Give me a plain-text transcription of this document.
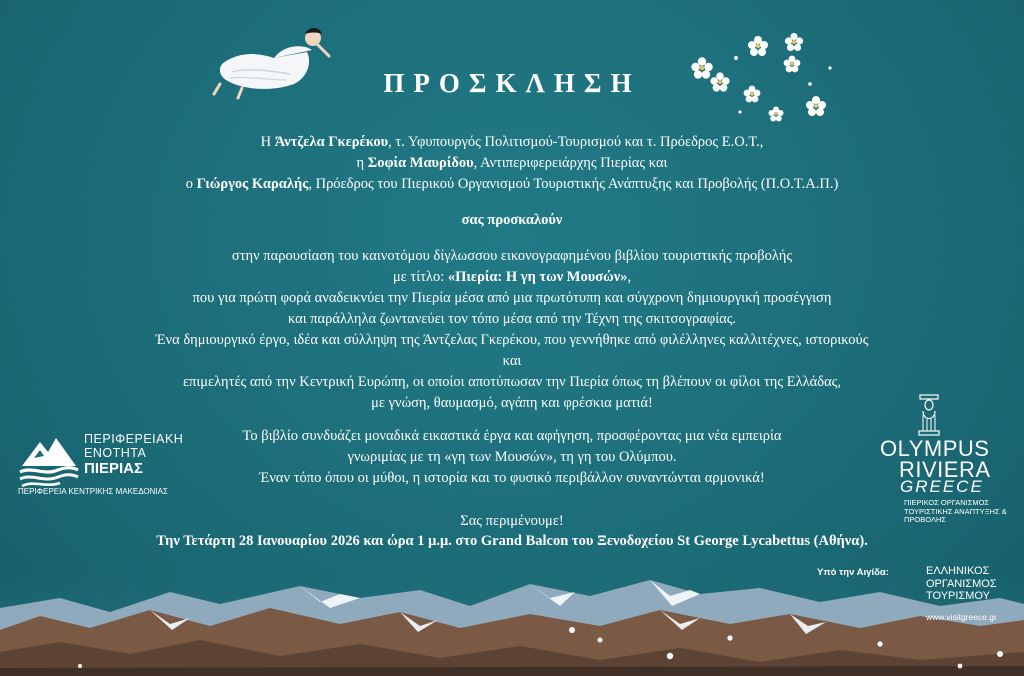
ΠΡΟΣΚΛΗΣΗ

Η Άντζελα Γκερέκου, τ. Υφυπουργός Πολιτισμού-Τουρισμού και τ. Πρόεδρος Ε.Ο.Τ.,

η Σοφία Μαυρίδου, Αντιπεριφερειάρχης Πιερίας και

ο Γιώργος Καραλής, Πρόεδρος του Πιερικού Οργανισμού Τουριστικής Ανάπτυξης και Προβολής (Π.Ο.Τ.Α.Π.)

σας προσκαλούν

στην παρουσίαση του καινοτόμου δίγλωσσου εικονογραφημένου βιβλίου τουριστικής προβολής

με τίτλο: «Πιερία: Η γη των Μουσών»,

που για πρώτη φορά αναδεικνύει την Πιερία μέσα από μια πρωτότυπη και σύγχρονη δημιουργική προσέγγιση

και παράλληλα ζωντανεύει τον τόπο μέσα από την Τέχνη της σκιτσογραφίας.

Ένα δημιουργικό έργο, ιδέα και σύλληψη της Άντζελας Γκερέκου, που γεννήθηκε από φιλέλληνες καλλιτέχνες, ιστορικούς και

επιμελητές από την Κεντρική Ευρώπη, οι οποίοι αποτύπωσαν την Πιερία όπως τη βλέπουν οι φίλοι της Ελλάδας,

με γνώση, θαυμασμό, αγάπη και φρέσκια ματιά!

Το βιβλίο συνδυάζει μοναδικά εικαστικά έργα και αφήγηση, προσφέροντας μια νέα εμπειρία

γνωριμίας με τη «γη των Μουσών», τη γη του Ολύμπου.

Έναν τόπο όπου οι μύθοι, η ιστορία και το φυσικό περιβάλλον συναντώνται αρμονικά!

Σας περιμένουμε!

Την Τετάρτη 28 Ιανουαρίου 2026 και ώρα 1 μ.μ. στο Grand Balcon του Ξενοδοχείου St George Lycabettus (Αθήνα).
ΠΕΡΙΦΕΡΕΙΑΚΗ
ΕΝΟΤΗΤΑ
ΠΙΕΡΙΑΣ
ΠΕΡΙΦΕΡΕΙΑ ΚΕΝΤΡΙΚΗΣ ΜΑΚΕΔΟΝΙΑΣ
OLYMPUS
RIVIERA
GREECE
ΠΙΕΡΙΚΟΣ ΟΡΓΑΝΙΣΜΟΣ ΤΟΥΡΙΣΤΙΚΗΣ ΑΝΑΠΤΥΞΗΣ & ΠΡΟΒΟΛΗΣ
Υπό την Αιγίδα:	ΕΛΛΗΝΙΚΟΣ ΟΡΓΑΝΙΣΜΟΣ ΤΟΥΡΙΣΜΟΥ
www.visitgreece.gr
